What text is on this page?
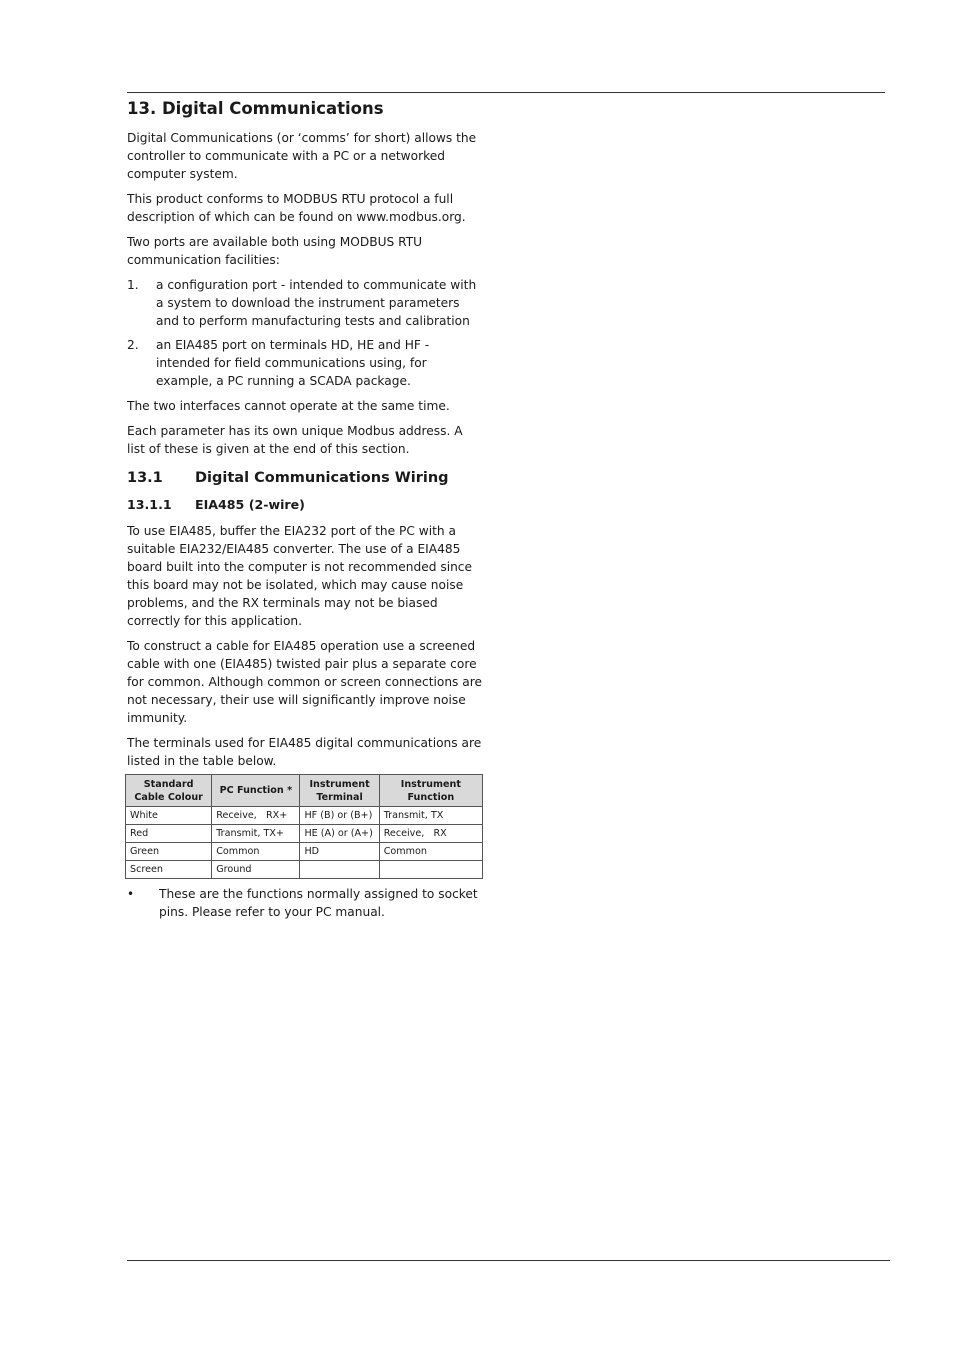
13. Digital Communications

Digital Communications (or ‘comms’ for short) allows the controller to communicate with a PC or a networked computer system.

This product conforms to MODBUS RTU protocol a full description of which can be found on www.modbus.org.

Two ports are available both using MODBUS RTU communication facilities:

1.	a configuration port - intended to communicate with a system to download the instrument parameters and to perform manufacturing tests and calibration
2.	an EIA485 port on terminals HD, HE and HF - intended for field communications using, for example, a PC running a SCADA package.

The two interfaces cannot operate at the same time.

Each parameter has its own unique Modbus address. A list of these is given at the end of this section.

13.1	Digital Communications Wiring
13.1.1	EIA485 (2-wire)

To use EIA485, buffer the EIA232 port of the PC with a suitable EIA232/EIA485 converter. The use of a EIA485 board built into the computer is not recommended since this board may not be isolated, which may cause noise problems, and the RX terminals may not be biased correctly for this application.

To construct a cable for EIA485 operation use a screened cable with one (EIA485) twisted pair plus a separate core for common. Although common or screen connections are not necessary, their use will significantly improve noise immunity.

The terminals used for EIA485 digital communications are listed in the table below.

Standard Cable Colour	PC Function *	Instrument Terminal	Instrument Function
White	Receive,   RX+	HF (B) or (B+)	Transmit, TX
Red	Transmit, TX+	HE (A) or (A+)	Receive,   RX
Green	Common	HD	Common
Screen	Ground		
•	These are the functions normally assigned to socket pins. Please refer to your PC manual.
